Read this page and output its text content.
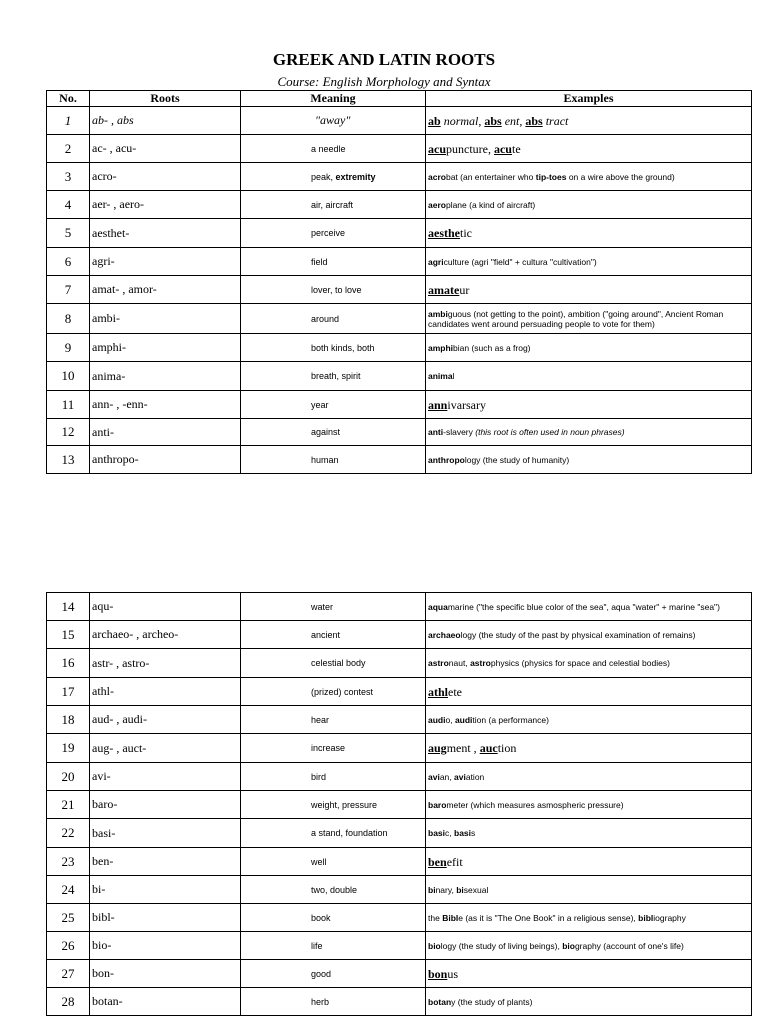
GREEK AND LATIN ROOTS
Course: English Morphology and Syntax
No.	Roots	Meaning	Examples
1	ab- , abs	"away"	ab normal, abs ent, abs tract
2	ac- , acu-	a needle	acupuncture, acute
3	acro-	peak, extremity	acrobat (an entertainer who tip-toes on a wire above the ground)
4	aer- , aero-	air, aircraft	aeroplane (a kind of aircraft)
5	aesthet-	perceive	aesthetic
6	agri-	field	agriculture (agri "field" + cultura "cultivation")
7	amat- , amor-	lover, to love	amateur
8	ambi-	around	ambiguous (not getting to the point), ambition ("going around", Ancient Roman candidates went around persuading people to vote for them)
9	amphi-	both kinds, both	amphibian (such as a frog)
10	anima-	breath, spirit	animal
11	ann- , -enn-	year	annivarsary
12	anti-	against	anti-slavery (this root is often used in noun phrases)
13	anthropo-	human	anthropology (the study of humanity)
14	aqu-	water	aquamarine ("the specific blue color of the sea", aqua "water" + marine "sea")
15	archaeo- , archeo-	ancient	archaeology (the study of the past by physical examination of remains)
16	astr- , astro-	celestial body	astronaut, astrophysics (physics for space and celestial bodies)
17	athl-	(prized) contest	athlete
18	aud- , audi-	hear	audio, audition (a performance)
19	aug- , auct-	increase	augment , auction
20	avi-	bird	avian, aviation
21	baro-	weight, pressure	barometer (which measures asmospheric pressure)
22	basi-	a stand, foundation	basic, basis
23	ben-	well	benefit
24	bi-	two, double	binary, bisexual
25	bibl-	book	the Bible (as it is "The One Book" in a religious sense), bibliography
26	bio-	life	biology (the study of living beings), biography (account of one's life)
27	bon-	good	bonus
28	botan-	herb	botany (the study of plants)
